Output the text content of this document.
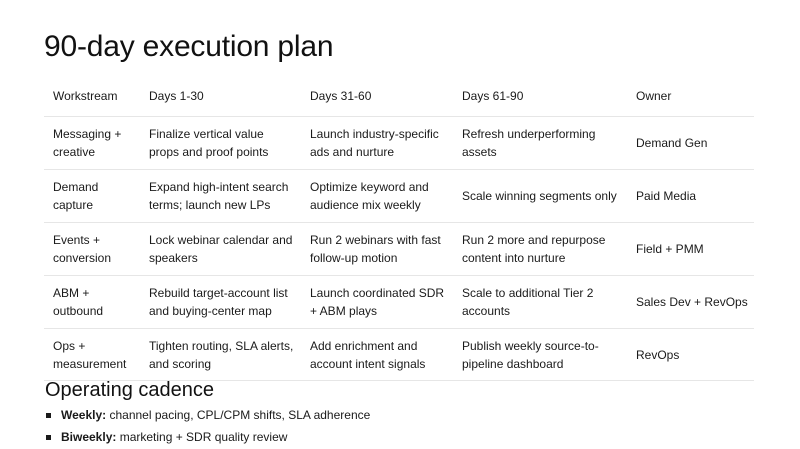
90-day execution plan
Workstream	Days 1-30	Days 31-60	Days 61-90	Owner
Messaging + creative	Finalize vertical value props and proof points	Launch industry-specific ads and nurture	Refresh underperforming assets	Demand Gen
Demand capture	Expand high-intent search terms; launch new LPs	Optimize keyword and audience mix weekly	Scale winning segments only	Paid Media
Events + conversion	Lock webinar calendar and speakers	Run 2 webinars with fast follow-up motion	Run 2 more and repurpose content into nurture	Field + PMM
ABM + outbound	Rebuild target-account list and buying-center map	Launch coordinated SDR + ABM plays	Scale to additional Tier 2 accounts	Sales Dev + RevOps
Ops + measurement	Tighten routing, SLA alerts, and scoring	Add enrichment and account intent signals	Publish weekly source-to-pipeline dashboard	RevOps
Operating cadence
Weekly: channel pacing, CPL/CPM shifts, SLA adherence
Biweekly: marketing + SDR quality review
